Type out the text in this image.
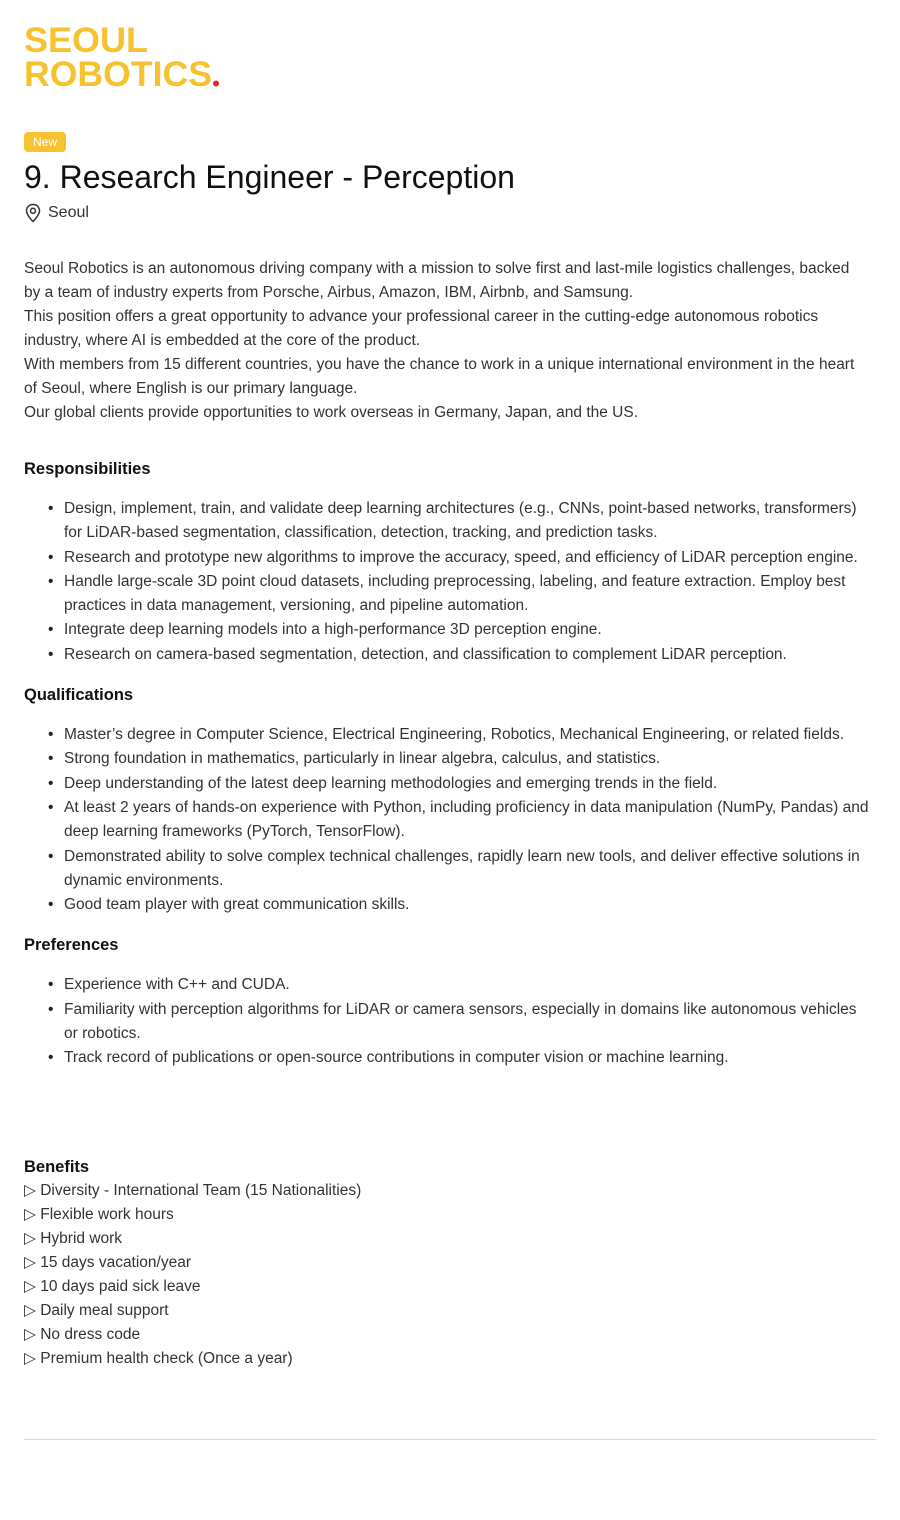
SEOUL
ROBOTICS
New
9. Research Engineer - Perception
Seoul

Seoul Robotics is an autonomous driving company with a mission to solve first and last-mile logistics challenges, backed by a team of industry experts from Porsche, Airbus, Amazon, IBM, Airbnb, and Samsung.

This position offers a great opportunity to advance your professional career in the cutting-edge autonomous robotics industry, where AI is embedded at the core of the product.

With members from 15 different countries, you have the chance to work in a unique international environment in the heart of Seoul, where English is our primary language.

Our global clients provide opportunities to work overseas in Germany, Japan, and the US.

Responsibilities
• Design, implement, train, and validate deep learning architectures (e.g., CNNs, point-based networks, transformers) for LiDAR-based segmentation, classification, detection, tracking, and prediction tasks.
• Research and prototype new algorithms to improve the accuracy, speed, and efficiency of LiDAR perception engine.
• Handle large-scale 3D point cloud datasets, including preprocessing, labeling, and feature extraction. Employ best practices in data management, versioning, and pipeline automation.
• Integrate deep learning models into a high-performance 3D perception engine.
• Research on camera-based segmentation, detection, and classification to complement LiDAR perception.
Qualifications
• Master’s degree in Computer Science, Electrical Engineering, Robotics, Mechanical Engineering, or related fields.
• Strong foundation in mathematics, particularly in linear algebra, calculus, and statistics.
• Deep understanding of the latest deep learning methodologies and emerging trends in the field.
• At least 2 years of hands-on experience with Python, including proficiency in data manipulation (NumPy, Pandas) and deep learning frameworks (PyTorch, TensorFlow).
• Demonstrated ability to solve complex technical challenges, rapidly learn new tools, and deliver effective solutions in dynamic environments.
• Good team player with great communication skills.
Preferences
• Experience with C++ and CUDA.
• Familiarity with perception algorithms for LiDAR or camera sensors, especially in domains like autonomous vehicles or robotics.
• Track record of publications or open-source contributions in computer vision or machine learning.
Benefits
▷ Diversity - International Team (15 Nationalities)
▷ Flexible work hours
▷ Hybrid work
▷ 15 days vacation/year
▷ 10 days paid sick leave
▷ Daily meal support
▷ No dress code
▷ Premium health check (Once a year)
